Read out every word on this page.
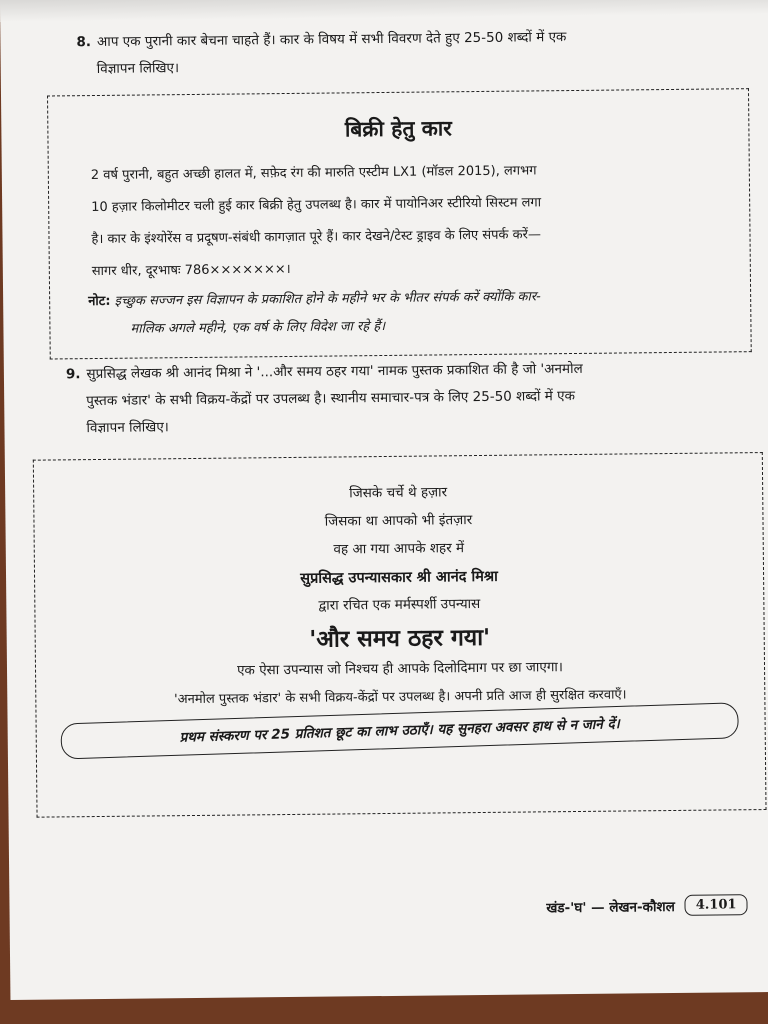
8. आप एक पुरानी कार बेचना चाहते हैं। कार के विषय में सभी विवरण देते हुए 25-50 शब्दों में एक
विज्ञापन लिखिए।
बिक्री हेतु कार
2 वर्ष पुरानी, बहुत अच्छी हालत में, सफ़ेद रंग की मारुति एस्टीम LX1 (मॉडल 2015), लगभग
10 हज़ार किलोमीटर चली हुई कार बिक्री हेतु उपलब्ध है। कार में पायोनिअर स्टीरियो सिस्टम लगा
है। कार के इंश्योरेंस व प्रदूषण-संबंधी कागज़ात पूरे हैं। कार देखने/टेस्ट ड्राइव के लिए संपर्क करें—
सागर धीर, दूरभाषः 786×××××××।
नोट: इच्छुक सज्जन इस विज्ञापन के प्रकाशित होने के महीने भर के भीतर संपर्क करें क्योंकि कार-
मालिक अगले महीने, एक वर्ष के लिए विदेश जा रहे हैं।
9. सुप्रसिद्ध लेखक श्री आनंद मिश्रा ने '...और समय ठहर गया' नामक पुस्तक प्रकाशित की है जो 'अनमोल
पुस्तक भंडार' के सभी विक्रय-केंद्रों पर उपलब्ध है। स्थानीय समाचार-पत्र के लिए 25-50 शब्दों में एक
विज्ञापन लिखिए।
जिसके चर्चे थे हज़ार
जिसका था आपको भी इंतज़ार
वह आ गया आपके शहर में
सुप्रसिद्ध उपन्यासकार श्री आनंद मिश्रा
द्वारा रचित एक मर्मस्पर्शी उपन्यास
'और समय ठहर गया'
एक ऐसा उपन्यास जो निश्चय ही आपके दिलोदिमाग पर छा जाएगा।
'अनमोल पुस्तक भंडार' के सभी विक्रय-केंद्रों पर उपलब्ध है। अपनी प्रति आज ही सुरक्षित करवाएँ।
प्रथम संस्करण पर 25 प्रतिशत छूट का लाभ उठाएँ। यह सुनहरा अवसर हाथ से न जाने दें।
खंड-'घ' — लेखन-कौशल	4.101
